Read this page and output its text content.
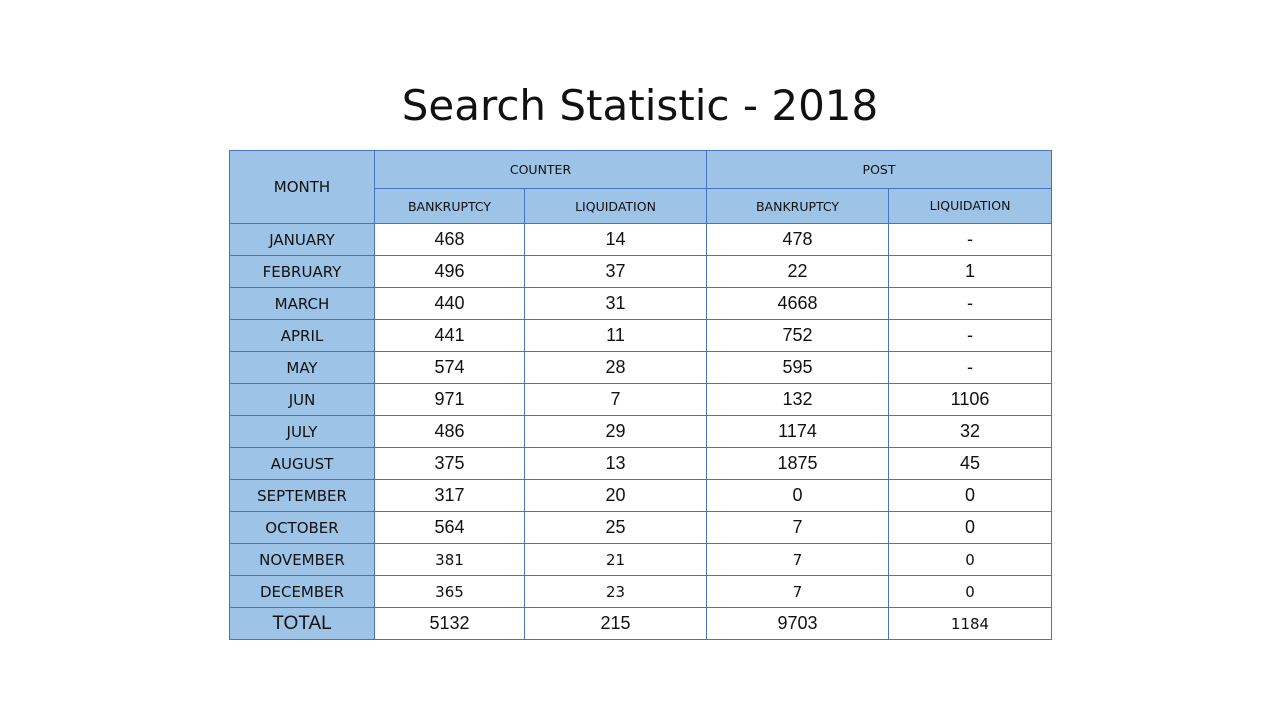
Search Statistic - 2018
MONTH	COUNTER		POST	
	BANKRUPTCY	LIQUIDATION	BANKRUPTCY	LIQUIDATION
JANUARY	468	14	478	-
FEBRUARY	496	37	22	1
MARCH	440	31	4668	-
APRIL	441	11	752	-
MAY	574	28	595	-
JUN	971	7	132	1106
JULY	486	29	1174	32
AUGUST	375	13	1875	45
SEPTEMBER	317	20	0	0
OCTOBER	564	25	7	0
NOVEMBER	381	21	7	0
DECEMBER	365	23	7	0
TOTAL	5132	215	9703	1184
